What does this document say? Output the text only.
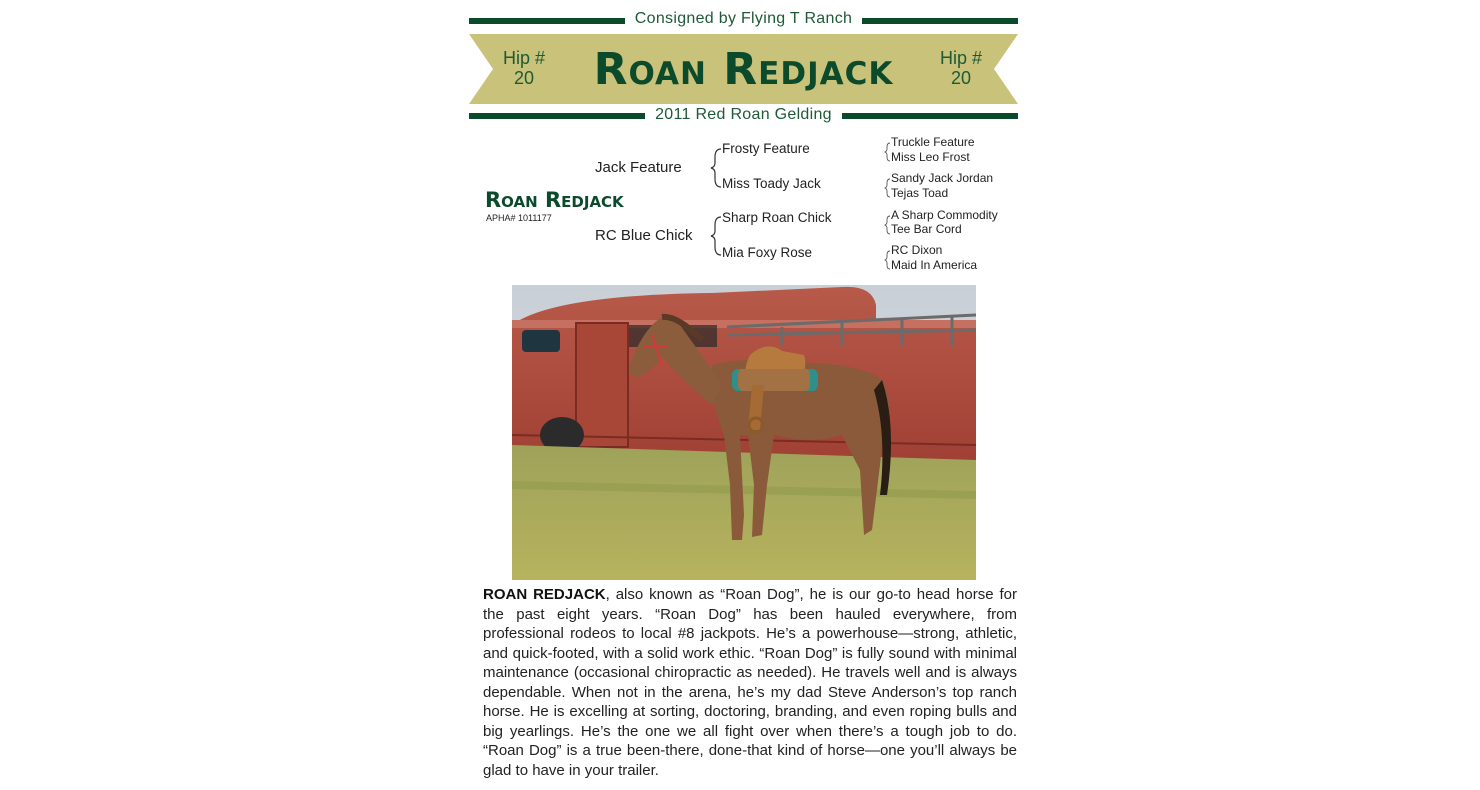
Consigned by Flying T Ranch
Hip #
20	Roan Redjack	Hip #
20
2011 Red Roan Gelding
Roan Redjack
APHA# 1011177
Jack Feature
RC Blue Chick
Frosty Feature
Miss Toady Jack
Sharp Roan Chick
Mia Foxy Rose
Truckle Feature
Miss Leo Frost
Sandy Jack Jordan
Tejas Toad
A Sharp Commodity
Tee Bar Cord
RC Dixon
Maid In America
ROAN REDJACK, also known as “Roan Dog”, he is our go-to head horse for the past eight years. “Roan Dog” has been hauled everywhere, from professional rodeos to local #8 jackpots. He’s a powerhouse—strong, athletic, and quick-footed, with a solid work ethic. “Roan Dog” is fully sound with minimal maintenance (occasional chiropractic as needed). He travels well and is always dependable. When not in the arena, he’s my dad Steve Anderson’s top ranch horse. He is excelling at sorting, doctoring, branding, and even roping bulls and big yearlings. He’s the one we all fight over when there’s a tough job to do. “Roan Dog” is a true been-there, done-that kind of horse—one you’ll always be glad to have in your trailer.
